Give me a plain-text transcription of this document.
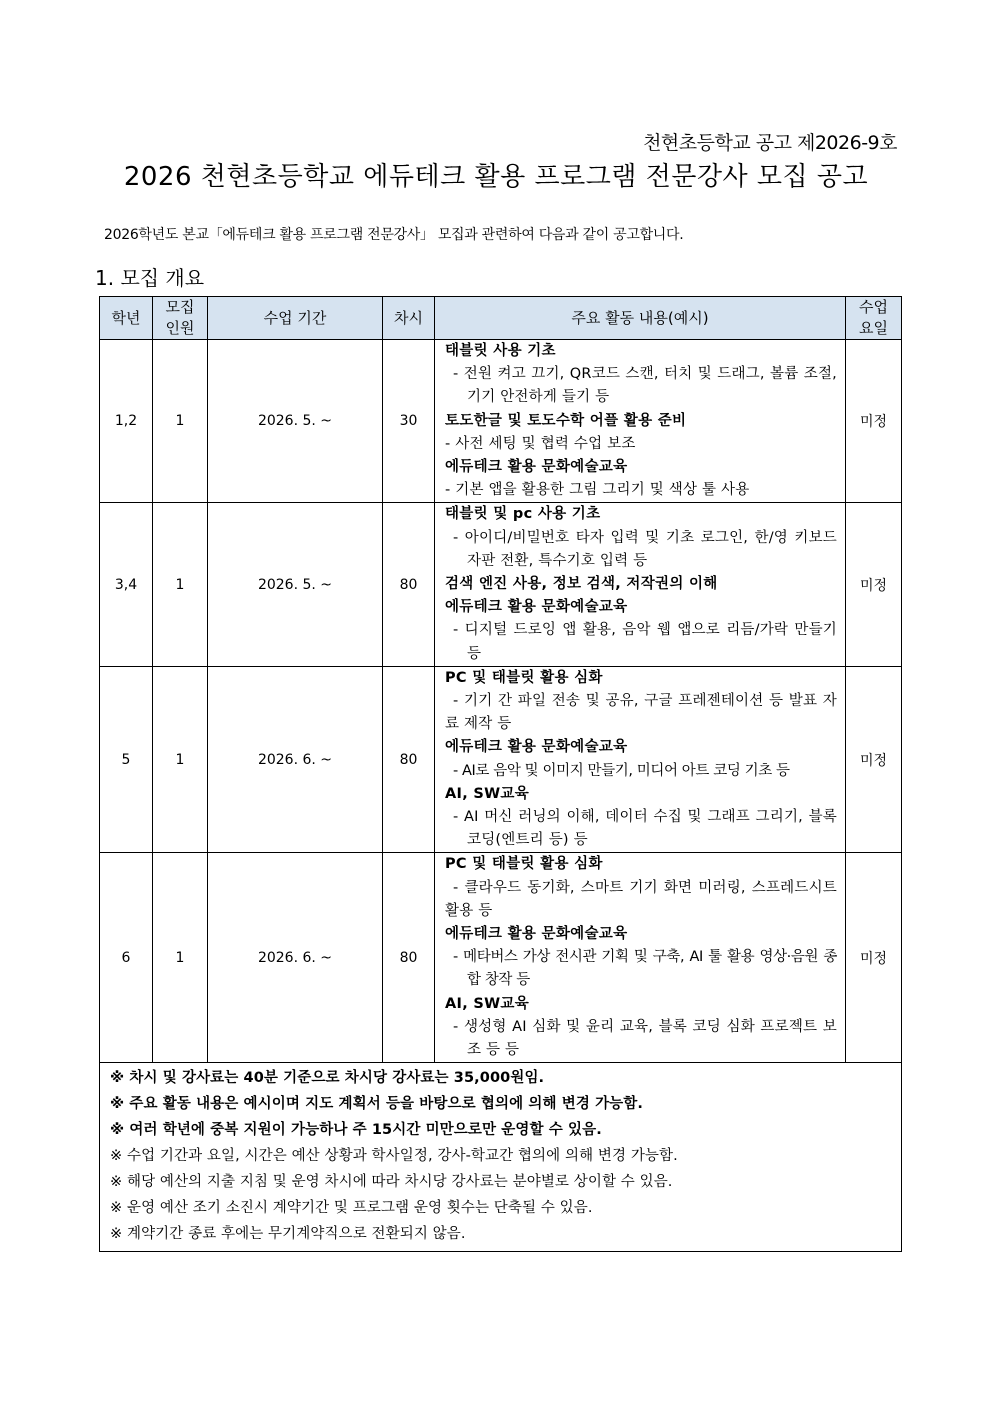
천현초등학교 공고 제2026-9호
2026 천현초등학교 에듀테크 활용 프로그램 전문강사 모집 공고
2026학년도 본교「에듀테크 활용 프로그램 전문강사」 모집과 관련하여 다음과 같이 공고합니다.
1. 모집 개요
학년	모집
인원	수업 기간	차시	주요 활동 내용(예시)	수업
요일
1,2	1	2026. 5. ~	30	
태블릿 사용 기초
- 전원 켜고 끄기, QR코드 스캔, 터치 및 드래그, 볼륨 조절, 기기 안전하게 들기 등
토도한글 및 토도수학 어플 활용 준비
- 사전 세팅 및 협력 수업 보조
에듀테크 활용 문화예술교육
- 기본 앱을 활용한 그림 그리기 및 색상 툴 사용
	미정
3,4	1	2026. 5. ~	80	태블릿 및 pc 사용 기초
- 아이디/비밀번호 타자 입력 및 기초 로그인, 한/영 키보드 자판 전환, 특수기호 입력 등
검색 엔진 사용, 정보 검색, 저작권의 이해
에듀테크 활용 문화예술교육
- 디지털 드로잉 앱 활용, 음악 웹 앱으로 리듬/가락 만들기 등	미정
5	1	2026. 6. ~	80	
PC 및 태블릿 활용 심화
- 기기 간 파일 전송 및 공유, 구글 프레젠테이션 등 발표 자료 제작 등
에듀테크 활용 문화예술교육
- AI로 음악 및 이미지 만들기, 미디어 아트 코딩 기초 등
AI, SW교육
- AI 머신 러닝의 이해, 데이터 수집 및 그래프 그리기, 블록 코딩(엔트리 등) 등
	미정
6	1	2026. 6. ~	80	
PC 및 태블릿 활용 심화
- 클라우드 동기화, 스마트 기기 화면 미러링, 스프레드시트 활용 등
에듀테크 활용 문화예술교육
- 메타버스 가상 전시관 기획 및 구축, AI 툴 활용 영상·음원 종합 창작 등
AI, SW교육
- 생성형 AI 심화 및 윤리 교육, 블록 코딩 심화 프로젝트 보조 등 등
	미정

※ 차시 및 강사료는 40분 기준으로 차시당 강사료는 35,000원임.
※ 주요 활동 내용은 예시이며 지도 계획서 등을 바탕으로 협의에 의해 변경 가능함.
※ 여러 학년에 중복 지원이 가능하나 주 15시간 미만으로만 운영할 수 있음.
※ 수업 기간과 요일, 시간은 예산 상황과 학사일정, 강사-학교간 협의에 의해 변경 가능함.
※ 해당 예산의 지출 지침 및 운영 차시에 따라 차시당 강사료는 분야별로 상이할 수 있음.
※ 운영 예산 조기 소진시 계약기간 및 프로그램 운영 횟수는 단축될 수 있음.
※ 계약기간 종료 후에는 무기계약직으로 전환되지 않음.
